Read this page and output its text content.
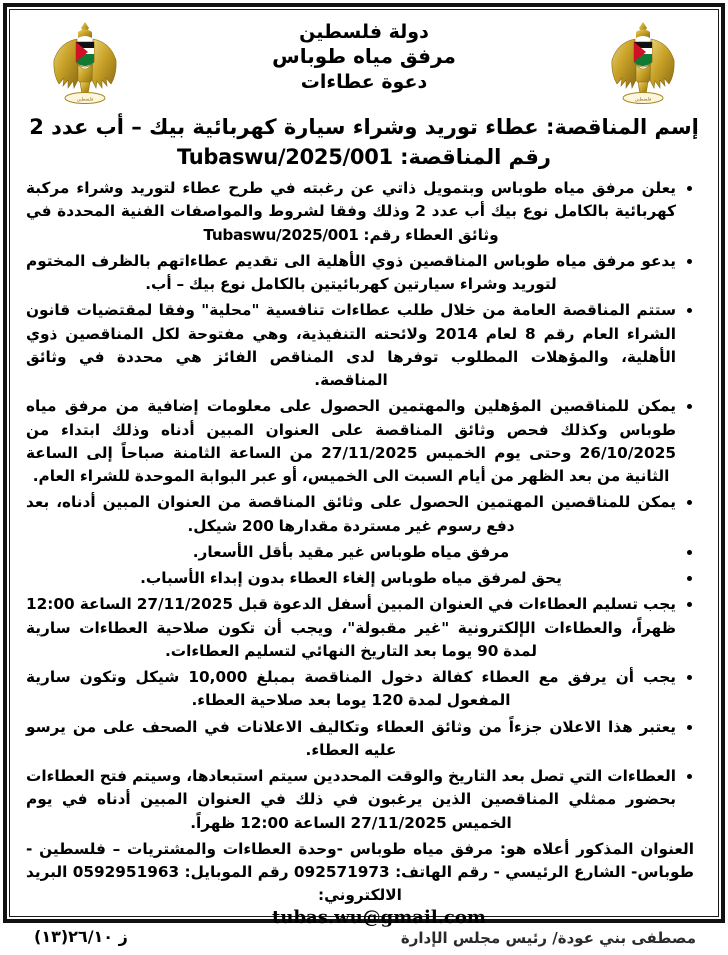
فلسطين
فلسطين
دولة فلسطين
مرفق مياه طوباس
دعوة عطاءات
إسم المناقصة: عطاء توريد وشراء سيارة كهربائية بيك – أب عدد 2
رقم المناقصة: Tubaswu/2025/001
يعلن مرفق مياه طوباس وبتمويل ذاتي عن رغبته في طرح عطاء لتوريد وشراء مركبة كهربائية بالكامل نوع بيك أب عدد 2 وذلك وفقا لشروط والمواصفات الفنية المحددة في وثائق العطاء رقم: Tubaswu/2025/001
يدعو مرفق مياه طوباس المناقصين ذوي الأهلية الى تقديم عطاءاتهم بالظرف المختوم لتوريد وشراء سيارتين كهربائيتين بالكامل نوع بيك – أب.
ستتم المناقصة العامة من خلال طلب عطاءات تنافسية "محلية" وفقا لمقتضيات قانون الشراء العام رقم 8 لعام 2014 ولائحته التنفيذية، وهي مفتوحة لكل المناقصين ذوي الأهلية، والمؤهلات المطلوب توفرها لدى المناقص الفائز هي محددة في وثائق المناقصة.
يمكن للمناقصين المؤهلين والمهتمين الحصول على معلومات إضافية من مرفق مياه طوباس وكذلك فحص وثائق المناقصة على العنوان المبين أدناه وذلك ابتداء من 26/10/2025 وحتى يوم الخميس 27/11/2025 من الساعة الثامنة صباحاً إلى الساعة الثانية من بعد الظهر من أيام السبت الى الخميس، أو عبر البوابة الموحدة للشراء العام.
يمكن للمناقصين المهتمين الحصول على وثائق المناقصة من العنوان المبين أدناه، بعد دفع رسوم غير مستردة مقدارها 200 شيكل.
مرفق مياه طوباس غير مقيد بأقل الأسعار.
يحق لمرفق مياه طوباس إلغاء العطاء بدون إبداء الأسباب.
يجب تسليم العطاءات في العنوان المبين أسفل الدعوة قبل 27/11/2025 الساعة 12:00 ظهراً، والعطاءات الإلكترونية "غير مقبولة"، ويجب أن تكون صلاحية العطاءات سارية لمدة 90 يوما بعد التاريخ النهائي لتسليم العطاءات.
يجب أن يرفق مع العطاء كفالة دخول المناقصة بمبلغ 10,000 شيكل وتكون سارية المفعول لمدة 120 يوما بعد صلاحية العطاء.
يعتبر هذا الاعلان جزءاً من وثائق العطاء وتكاليف الاعلانات في الصحف على من يرسو عليه العطاء.
العطاءات التي تصل بعد التاريخ والوقت المحددين سيتم استبعادها، وسيتم فتح العطاءات بحضور ممثلي المناقصين الذين يرغبون في ذلك في العنوان المبين أدناه في يوم الخميس 27/11/2025 الساعة 12:00 ظهراً.
العنوان المذكور أعلاه هو: مرفق مياه طوباس -وحدة العطاءات والمشتريات – فلسطين - طوباس- الشارع الرئيسي - رقم الهاتف: 092571973 رقم الموبايل: 0592951963 البريد الالكتروني:
tubas.wu@gmail.com
مصطفى بني عودة/ رئيس مجلس الإدارة
ز ٢٦/١٠(١٣)
